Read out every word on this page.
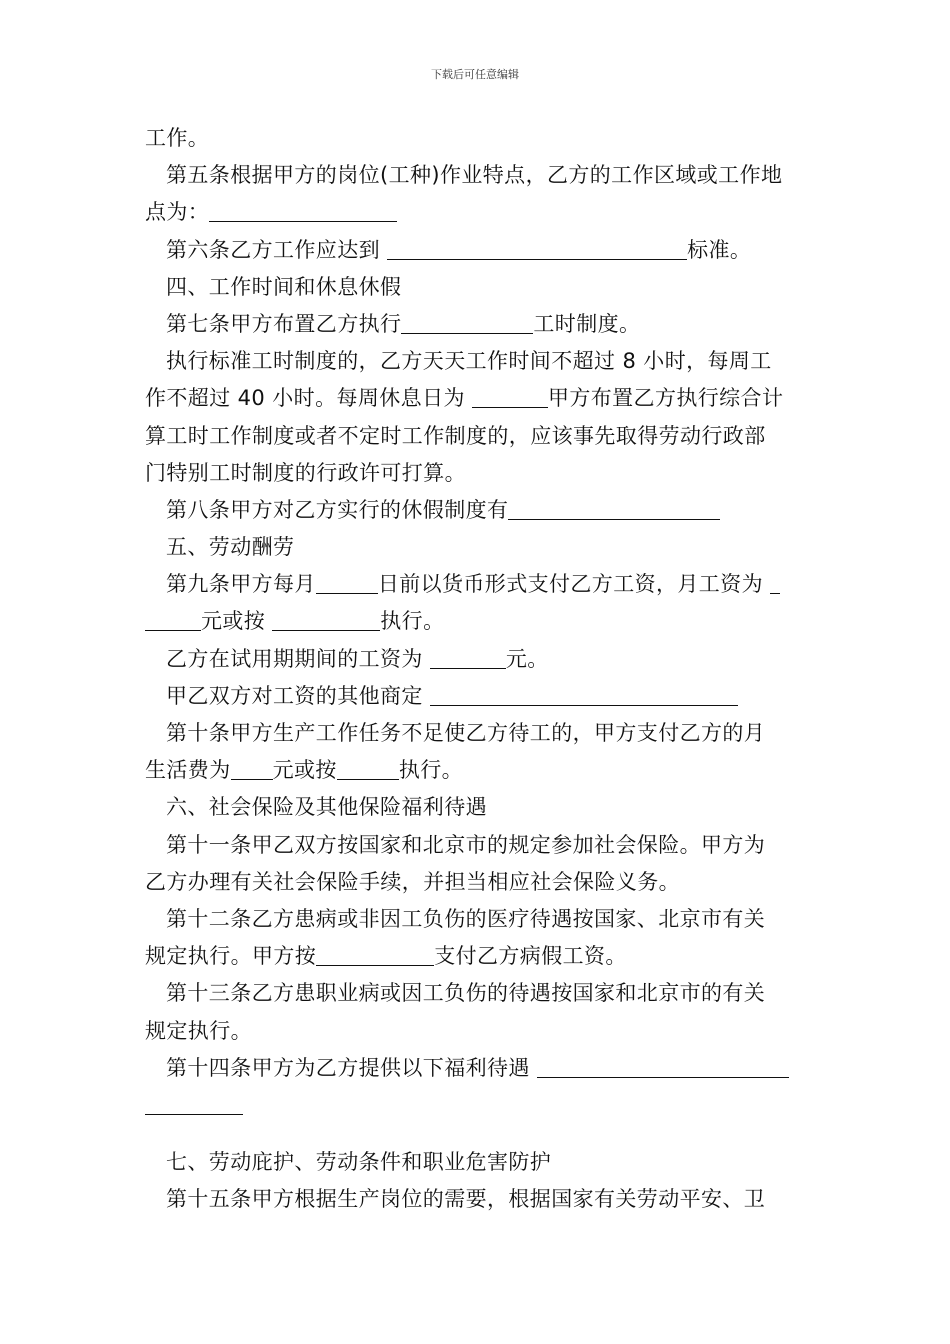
下载后可任意编辑
工作。
第五条根据甲方的岗位(工种)作业特点，乙方的工作区域或工作地
点为：
第六条乙方工作应达到	标准。
四、工作时间和休息休假
第七条甲方布置乙方执行	工时制度。
执行标准工时制度的，乙方天天工作时间不超过 8 小时，每周工
作不超过 40 小时。每周休息日为	甲方布置乙方执行综合计
算工时工作制度或者不定时工作制度的，应该事先取得劳动行政部
门特别工时制度的行政许可打算。
第八条甲方对乙方实行的休假制度有
五、劳动酬劳
第九条甲方每月	日前以货币形式支付乙方工资，月工资为
元或按	执行。
乙方在试用期期间的工资为	元。
甲乙双方对工资的其他商定
第十条甲方生产工作任务不足使乙方待工的，甲方支付乙方的月
生活费为 元或按	执行。
六、社会保险及其他保险福利待遇
第十一条甲乙双方按国家和北京市的规定参加社会保险。甲方为
乙方办理有关社会保险手续，并担当相应社会保险义务。
第十二条乙方患病或非因工负伤的医疗待遇按国家、北京市有关
规定执行。甲方按	支付乙方病假工资。
第十三条乙方患职业病或因工负伤的待遇按国家和北京市的有关
规定执行。
第十四条甲方为乙方提供以下福利待遇
七、劳动庇护、劳动条件和职业危害防护
第十五条甲方根据生产岗位的需要，根据国家有关劳动平安、卫
